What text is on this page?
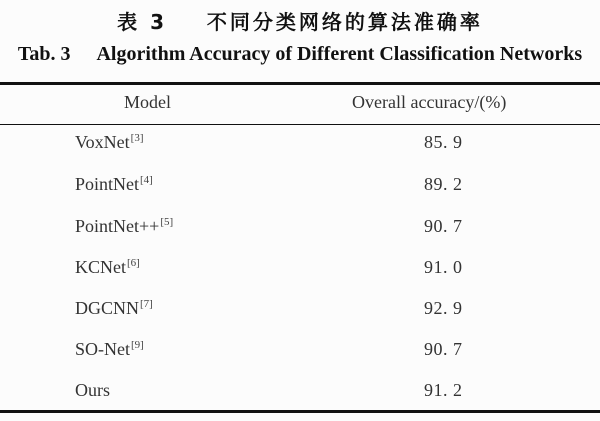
表 3 不同分类网络的算法准确率
Tab. 3 Algorithm Accuracy of Different Classification Networks
Model	Overall accuracy/(%)
VoxNet[3]	85. 9
PointNet[4]	89. 2
PointNet++[5]	90. 7
KCNet[6]	91. 0
DGCNN[7]	92. 9
SO-Net[9]	90. 7
Ours	91. 2
